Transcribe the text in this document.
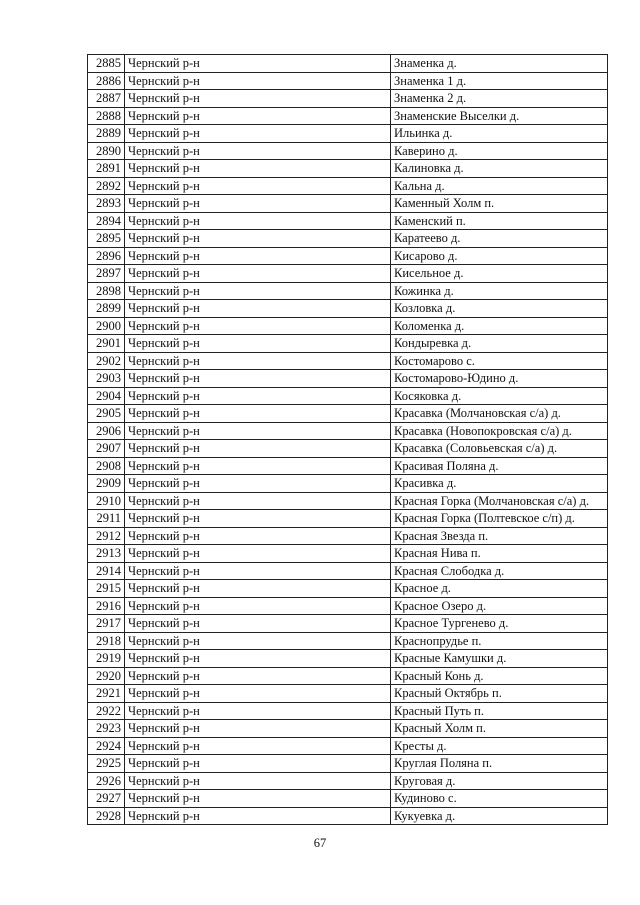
2885	Чернский р-н	Знаменка д.
2886	Чернский р-н	Знаменка 1 д.
2887	Чернский р-н	Знаменка 2 д.
2888	Чернский р-н	Знаменские Выселки д.
2889	Чернский р-н	Ильинка д.
2890	Чернский р-н	Каверино д.
2891	Чернский р-н	Калиновка д.
2892	Чернский р-н	Кальна д.
2893	Чернский р-н	Каменный Холм п.
2894	Чернский р-н	Каменский п.
2895	Чернский р-н	Каратеево д.
2896	Чернский р-н	Кисарово д.
2897	Чернский р-н	Кисельное д.
2898	Чернский р-н	Кожинка д.
2899	Чернский р-н	Козловка д.
2900	Чернский р-н	Коломенка д.
2901	Чернский р-н	Кондыревка д.
2902	Чернский р-н	Костомарово с.
2903	Чернский р-н	Костомарово-Юдино д.
2904	Чернский р-н	Косяковка д.
2905	Чернский р-н	Красавка (Молчановская с/а) д.
2906	Чернский р-н	Красавка (Новопокровская с/а) д.
2907	Чернский р-н	Красавка (Соловьевская с/а) д.
2908	Чернский р-н	Красивая Поляна д.
2909	Чернский р-н	Красивка д.
2910	Чернский р-н	Красная Горка (Молчановская с/а) д.
2911	Чернский р-н	Красная Горка (Полтевское с/п) д.
2912	Чернский р-н	Красная Звезда п.
2913	Чернский р-н	Красная Нива п.
2914	Чернский р-н	Красная Слободка д.
2915	Чернский р-н	Красное д.
2916	Чернский р-н	Красное Озеро д.
2917	Чернский р-н	Красное Тургенево д.
2918	Чернский р-н	Краснопрудье п.
2919	Чернский р-н	Красные Камушки д.
2920	Чернский р-н	Красный Конь д.
2921	Чернский р-н	Красный Октябрь п.
2922	Чернский р-н	Красный Путь п.
2923	Чернский р-н	Красный Холм п.
2924	Чернский р-н	Кресты д.
2925	Чернский р-н	Круглая Поляна п.
2926	Чернский р-н	Круговая д.
2927	Чернский р-н	Кудиново с.
2928	Чернский р-н	Кукуевка д.
67
